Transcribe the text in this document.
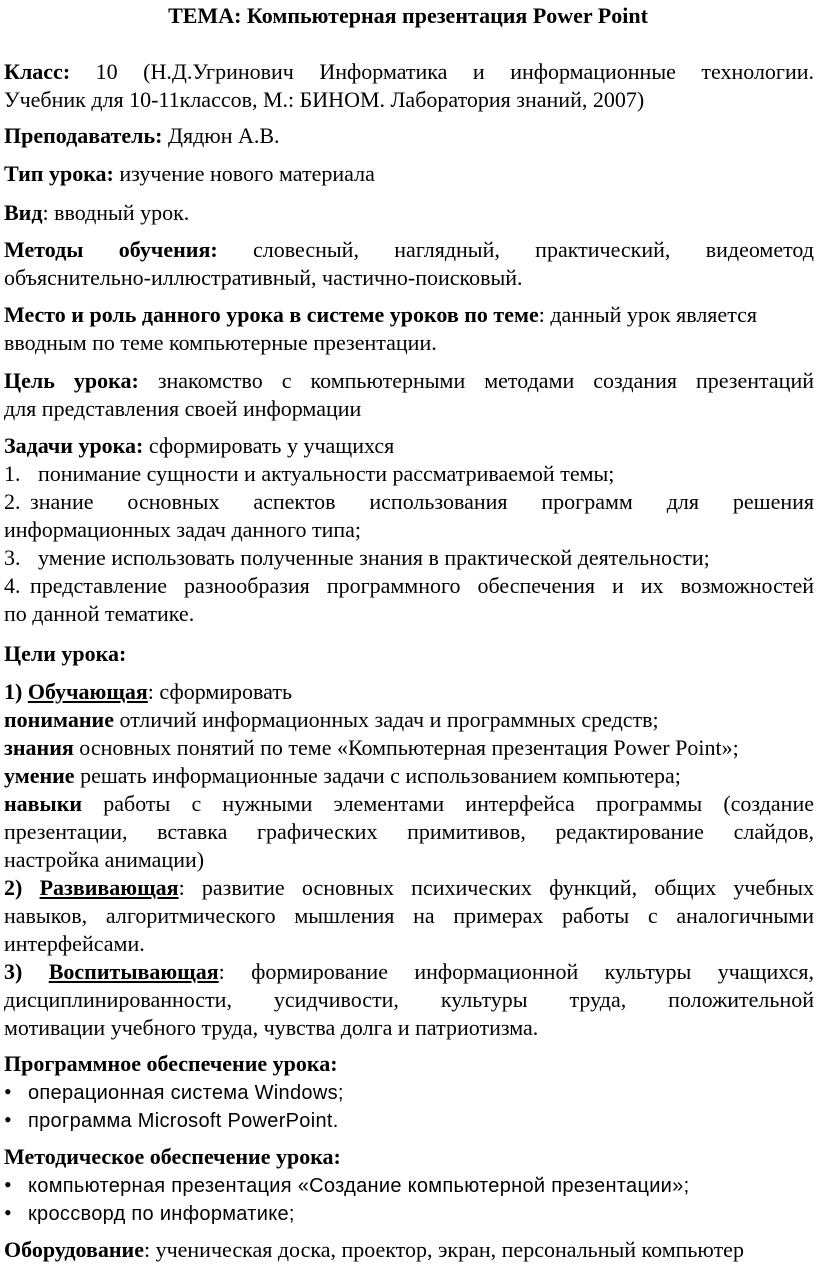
ТЕМА: Компьютерная презентация Power Point
Класс: 10 (Н.Д.Угринович Информатика и информационные технологии.
Учебник для 10-11классов, М.: БИНОМ. Лаборатория знаний, 2007)
Преподаватель: Дядюн А.В.
Тип урока: изучение нового материала
Вид: вводный урок.
Методы обучения: словесный, наглядный, практический, видеометод
объяснительно-иллюстративный, частично-поисковый.
Место и роль данного урока в системе уроков по теме: данный урок является
вводным по теме компьютерные презентации.
Цель урока: знакомство с компьютерными методами создания презентаций
для представления своей информации
Задачи урока: сформировать у учащихся
1. понимание сущности и актуальности рассматриваемой темы;
2. знание основных аспектов использования программ для решения
информационных задач данного типа;
3. умение использовать полученные знания в практической деятельности;
4. представление разнообразия программного обеспечения и их возможностей
по данной тематике.
Цели урока:
1) Обучающая: сформировать
понимание отличий информационных задач и программных средств;
знания основных понятий по теме «Компьютерная презентация Power Point»;
умение решать информационные задачи с использованием компьютера;
навыки работы с нужными элементами интерфейса программы (создание
презентации, вставка графических примитивов, редактирование слайдов,
настройка анимации)
2) Развивающая: развитие основных психических функций, общих учебных
навыков, алгоритмического мышления на примерах работы с аналогичными
интерфейсами.
3) Воспитывающая: формирование информационной культуры учащихся,
дисциплинированности, усидчивости, культуры труда, положительной
мотивации учебного труда, чувства долга и патриотизма.
Программное обеспечение урока:
• операционная система Windows;
• программа Microsoft PowerPoint.
Методическое обеспечение урока:
• компьютерная презентация «Создание компьютерной презентации»;
• кроссворд по информатике;
Оборудование: ученическая доска, проектор, экран, персональный компьютер
